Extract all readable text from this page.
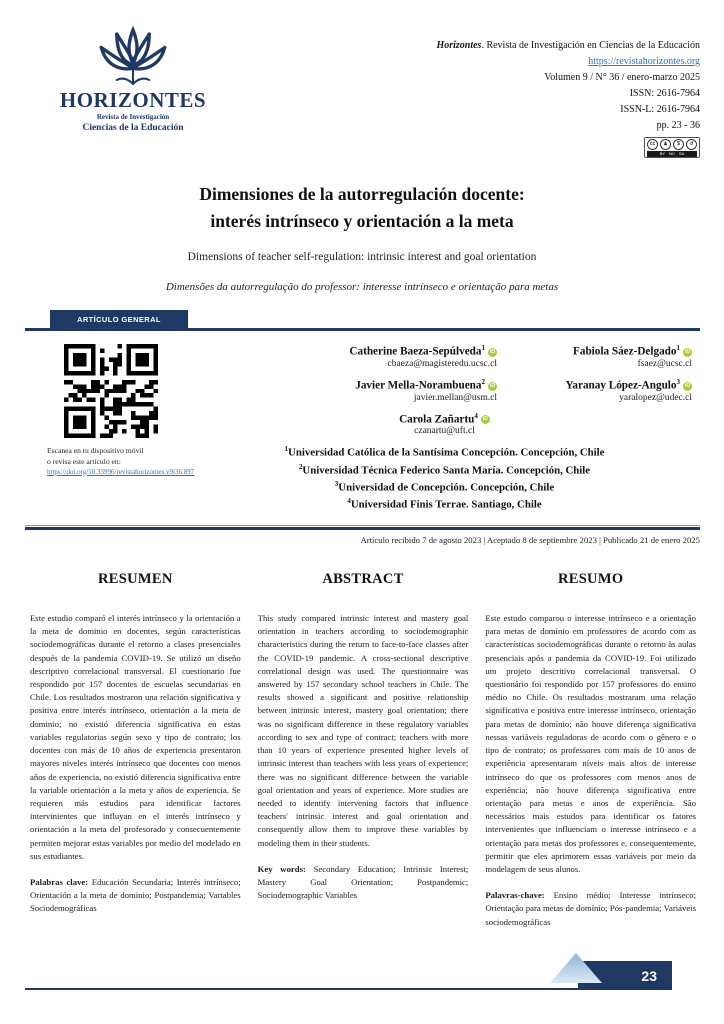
HORIZONTES
Revista de Investigación
Ciencias de la Educación
Horizontes. Revista de Investigación en Ciencias de la Educación
https://revistahorizontes.org
Volumen 9 / N° 36 / enero-marzo 2025
ISSN: 2616-7964
ISSN-L: 2616-7964
pp. 23 - 36
cc	♟	$	↺
BY NC SA
Dimensiones de la autorregulación docente:
interés intrínseco y orientación a la meta
Dimensions of teacher self-regulation: intrinsic interest and goal orientation
Dimensões da autorregulação do professor: interesse intrínseco e orientação para metas
ARTÍCULO GENERAL
Escanea en tu dispositivo móvil
o revisa este artículo en:
https://doi.org/10.33996/revistahorizontes.v9i36.897
Catherine Baeza-Sepúlveda$^1$ iD
cbaeza@magisteredu.ucsc.cl
Fabiola Sáez-Delgado$^1$ iD
fsaez@ucsc.cl
Javier Mella-Norambuena$^2$ iD
javier.mellan@usm.cl
Yaranay López-Angulo$^3$ iD
yaralopez@udec.cl
Carola Zañartu$^4$ iD
czanartu@uft.cl
$^1$Universidad Católica de la Santísima Concepción. Concepción, Chile
$^2$Universidad Técnica Federico Santa María. Concepción, Chile
$^3$Universidad de Concepción. Concepción, Chile
$^4$Universidad Finis Terrae. Santiago, Chile
Artículo recibido 7 de agosto 2023 | Aceptado 8 de septiembre 2023 | Publicado 21 de enero 2025
RESUMEN
Este estudio comparó el interés intrínseco y la orientación a la meta de dominio en docentes, según características sociodemográficas durante el retorno a clases presenciales después de la pandemia COVID-19. Se utilizó un diseño descriptivo correlacional transversal. El cuestionario fue respondido por 157 docentes de escuelas secundarias en Chile. Los resultados mostraron una relación significativa y positiva entre interés intrínseco, orientación a la meta de dominio; no existió diferencia significativa en estas variables regulatorias según sexo y tipo de contrato; los docentes con más de 10 años de experiencia presentaron mayores niveles interés intrínseco que docentes con menos años de experiencia, no existió diferencia significativa entre la variable orientación a la meta y años de experiencia. Se requieren más estudios para identificar factores intervinientes que influyan en el interés intrínseco y orientación a la meta del profesorado y consecuentemente permiten mejorar estas variables por medio del modelado en sus estudiantes.
Palabras clave: Educación Secundaria; Interés intrínseco; Orientación a la meta de dominio; Postpandemia; Variables Sociodemográficas
ABSTRACT
This study compared intrinsic interest and mastery goal orientation in teachers according to sociodemographic characteristics during the return to face-to-face classes after the COVID-19 pandemic. A cross-sectional descriptive correlational design was used. The questionnaire was answered by 157 secondary school teachers in Chile. The results showed a significant and positive relationship between intrinsic interest, mastery goal orientation; there was no significant difference in these regulatory variables according to sex and type of contract; teachers with more than 10 years of experience presented higher levels of intrinsic interest than teachers with less years of experience; there was no significant difference between the variable goal orientation and years of experience. More studies are needed to identify intervening factors that influence teachers' intrinsic interest and goal orientation and consequently allow them to improve these variables by modeling them in their students.
Key words: Secondary Education; Intrinsic Interest; Mastery Goal Orientation; Postpandemic; Sociodemographic Variables
RESUMO
Este estudo comparou o interesse intrínseco e a orientação para metas de domínio em professores de acordo com as características sociodemográficas durante o retorno às aulas presenciais após a pandemia da COVID-19. Foi utilizado um projeto descritivo correlacional transversal. O questionário foi respondido por 157 professores do ensino médio no Chile. Os resultados mostraram uma relação significativa e positiva entre interesse intrínseco, orientação para metas de domínio; não houve diferença significativa nessas variáveis reguladoras de acordo com o gênero e o tipo de contrato; os professores com mais de 10 anos de experiência apresentaram níveis mais altos de interesse intrínseco do que os professores com menos anos de experiência; não houve diferença significativa entre orientação para metas e anos de experiência. São necessários mais estudos para identificar os fatores intervenientes que influenciam o interesse intrínseco e a orientação para metas dos professores e, consequentemente, permitir que eles aprimorem essas variáveis por meio da modelagem de seus alunos.
Palavras-chave: Ensino médio; Interesse intrínseco; Orientação para metas de domínio; Pós-pandemia; Variáveis sociodemográficas
23
